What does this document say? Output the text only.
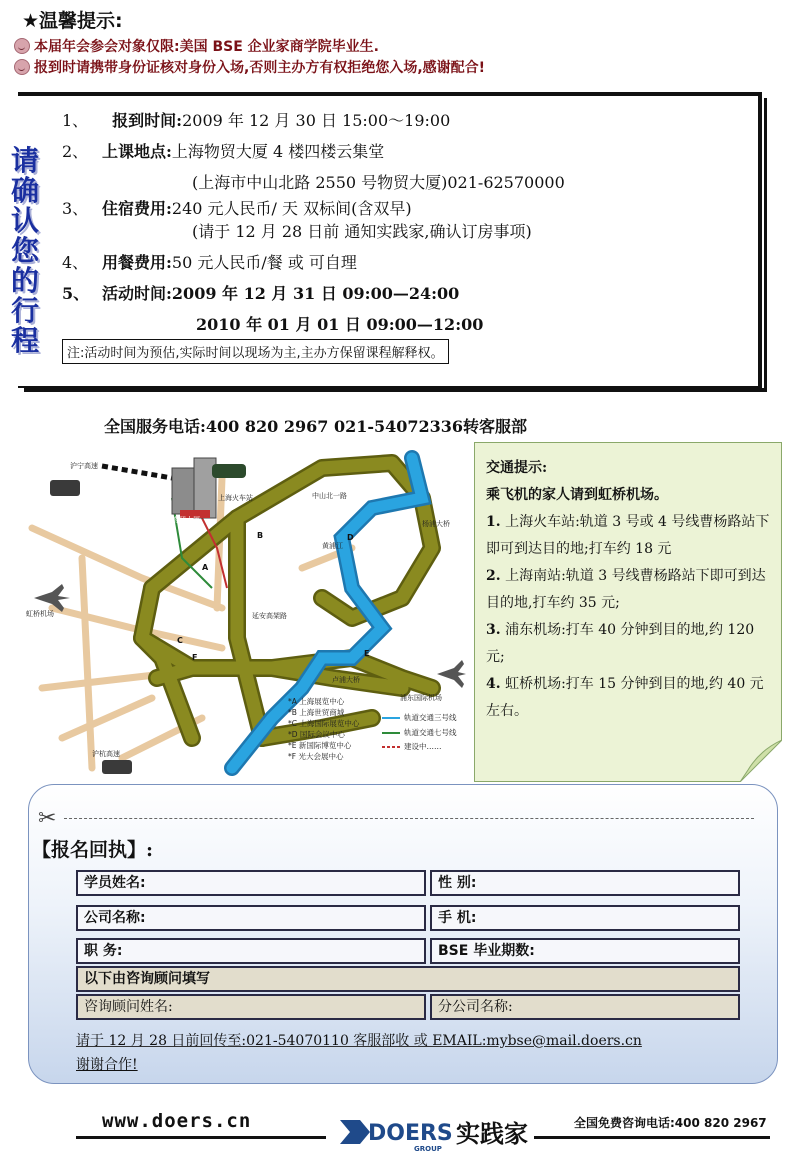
★温馨提示:
本届年会参会对象仅限:美国 BSE 企业家商学院毕业生.
报到时请携带身份证核对身份入场,否则主办方有权拒绝您入场,感谢配合!
请确认您的行程
1、 报到时间:2009 年 12 月 30 日 15:00～19:00
2、 上课地点:上海物贸大厦 4 楼四楼云集堂
(上海市中山北路 2550 号物贸大厦)021-62570000
3、 住宿费用:240 元人民币/ 天 双标间(含双早)
(请于 12 月 28 日前 通知实践家,确认订房事项)
4、 用餐费用:50 元人民币/餐 或 可自理
5、 活动时间:2009 年 12 月 31 日 09:00—24:00
2010 年 01 月 01 日 09:00—12:00
注:活动时间为预估,实际时间以现场为主,主办方保留课程解释权。
全国服务电话:400 820 2967 021-54072336转客服部
沪宁高速
上海火车站
物贸大厦
中山北一路
黄浦江
杨浦大桥
虹桥机场
卢浦大桥
浦东国际机场
沪杭高速
延安高架路
A
B
C
D
E
F
*A 上海展览中心
*B 上海世贸商城
*C 上海国际展览中心
*D 国际会议中心
*E 新国际博览中心
*F 光大会展中心
轨道交通三号线
轨道交通七号线
建设中……
交通提示:
乘飞机的家人请到虹桥机场。
1. 上海火车站:轨道 3 号或 4 号线曹杨路站下即可到达目的地;打车约 18 元
2. 上海南站:轨道 3 号线曹杨路站下即可到达目的地,打车约 35 元;
3. 浦东机场:打车 40 分钟到目的地,约 120 元;
4. 虹桥机场:打车 15 分钟到目的地,约 40 元左右。
✂
【报名回执】:
学员姓名:	性 别:
公司名称:	手 机:
职 务:	BSE 毕业期数:
以下由咨询顾问填写
咨询顾问姓名:	分公司名称:
请于 12 月 28 日前回传至:021-54070110 客服部收 或 EMAIL:mybse@mail.doers.cn
谢谢合作!
www.doers.cn	DOERS
GROUP
实践家	全国免费咨询电话:400 820 2967
